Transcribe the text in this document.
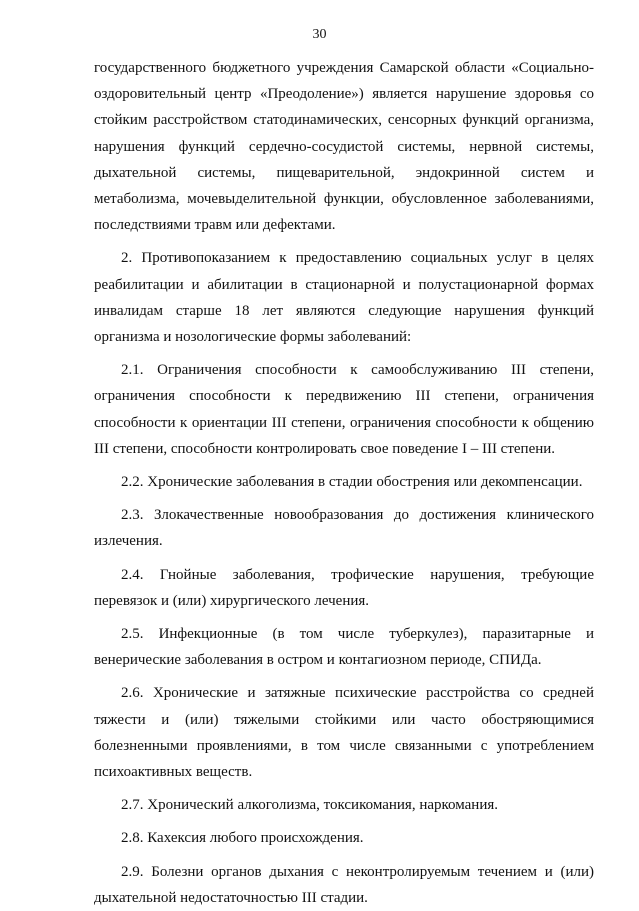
30

государственного бюджетного учреждения Самарской области «Социально-оздоровительный центр «Преодоление») является нарушение здоровья со стойким расстройством статодинамических, сенсорных функций организма, нарушения функций сердечно-сосудистой системы, нервной системы, дыхательной системы, пищеварительной, эндокринной систем и метаболизма, мочевыделительной функции, обусловленное заболеваниями, последствиями травм или дефектами.

2. Противопоказанием к предоставлению социальных услуг в целях реабилитации и абилитации в стационарной и полустационарной формах инвалидам старше 18 лет являются следующие нарушения функций организма и нозологические формы заболеваний:

2.1. Ограничения способности к самообслуживанию III степени, ограничения способности к передвижению III степени, ограничения способности к ориентации III степени, ограничения способности к общению III степени, способности контролировать свое поведение I – III степени.

2.2. Хронические заболевания в стадии обострения или декомпенсации.

2.3. Злокачественные новообразования до достижения клинического излечения.

2.4. Гнойные заболевания, трофические нарушения, требующие перевязок и (или) хирургического лечения.

2.5. Инфекционные (в том числе туберкулез), паразитарные и венерические заболевания в остром и контагиозном периоде, СПИДа.

2.6. Хронические и затяжные психические расстройства со средней тяжести и (или) тяжелыми стойкими или часто обостряющимися болезненными проявлениями, в том числе связанными с употреблением психоактивных веществ.

2.7. Хронический алкоголизма, токсикомания, наркомания.

2.8. Кахексия любого происхождения.

2.9. Болезни органов дыхания с неконтролируемым течением и (или) дыхательной недостаточностью III стадии.
